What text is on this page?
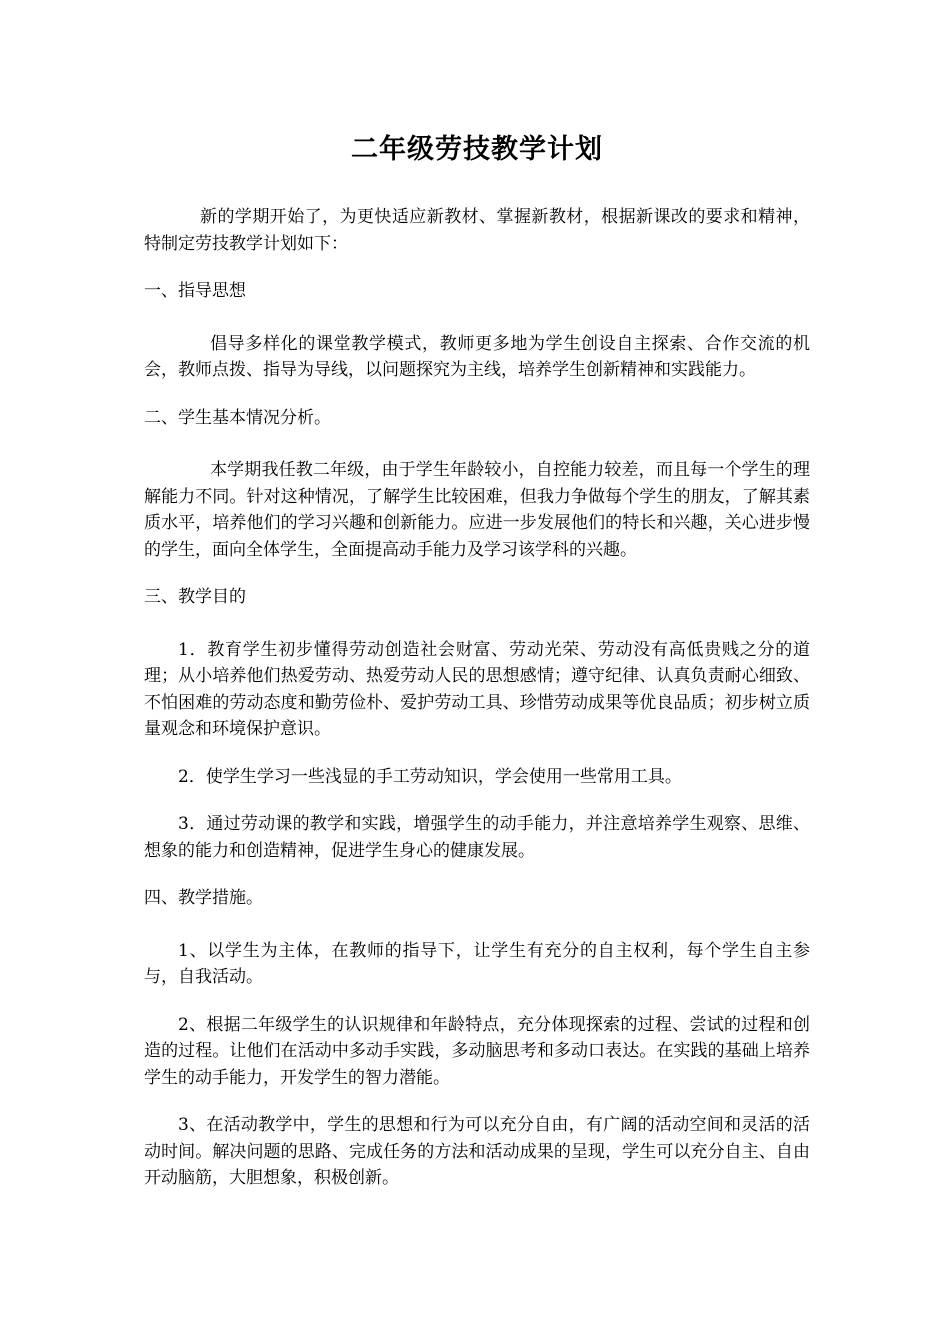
二年级劳技教学计划

新的学期开始了，为更快适应新教材、掌握新教材，根据新课改的要求和精神，特制定劳技教学计划如下：

一、指导思想

倡导多样化的课堂教学模式，教师更多地为学生创设自主探索、合作交流的机会，教师点拨、指导为导线，以问题探究为主线，培养学生创新精神和实践能力。

二、学生基本情况分析。

本学期我任教二年级，由于学生年龄较小，自控能力较差，而且每一个学生的理解能力不同。针对这种情况，了解学生比较困难，但我力争做每个学生的朋友，了解其素质水平，培养他们的学习兴趣和创新能力。应进一步发展他们的特长和兴趣，关心进步慢的学生，面向全体学生，全面提高动手能力及学习该学科的兴趣。

三、教学目的

1．教育学生初步懂得劳动创造社会财富、劳动光荣、劳动没有高低贵贱之分的道理；从小培养他们热爱劳动、热爱劳动人民的思想感情；遵守纪律、认真负责耐心细致、不怕困难的劳动态度和勤劳俭朴、爱护劳动工具、珍惜劳动成果等优良品质；初步树立质量观念和环境保护意识。

2．使学生学习一些浅显的手工劳动知识，学会使用一些常用工具。

3．通过劳动课的教学和实践，增强学生的动手能力，并注意培养学生观察、思维、想象的能力和创造精神，促进学生身心的健康发展。

四、教学措施。

1、以学生为主体，在教师的指导下，让学生有充分的自主权利，每个学生自主参与，自我活动。

2、根据二年级学生的认识规律和年龄特点，充分体现探索的过程、尝试的过程和创造的过程。让他们在活动中多动手实践，多动脑思考和多动口表达。在实践的基础上培养学生的动手能力，开发学生的智力潜能。

3、在活动教学中，学生的思想和行为可以充分自由，有广阔的活动空间和灵活的活动时间。解决问题的思路、完成任务的方法和活动成果的呈现，学生可以充分自主、自由开动脑筋，大胆想象，积极创新。
